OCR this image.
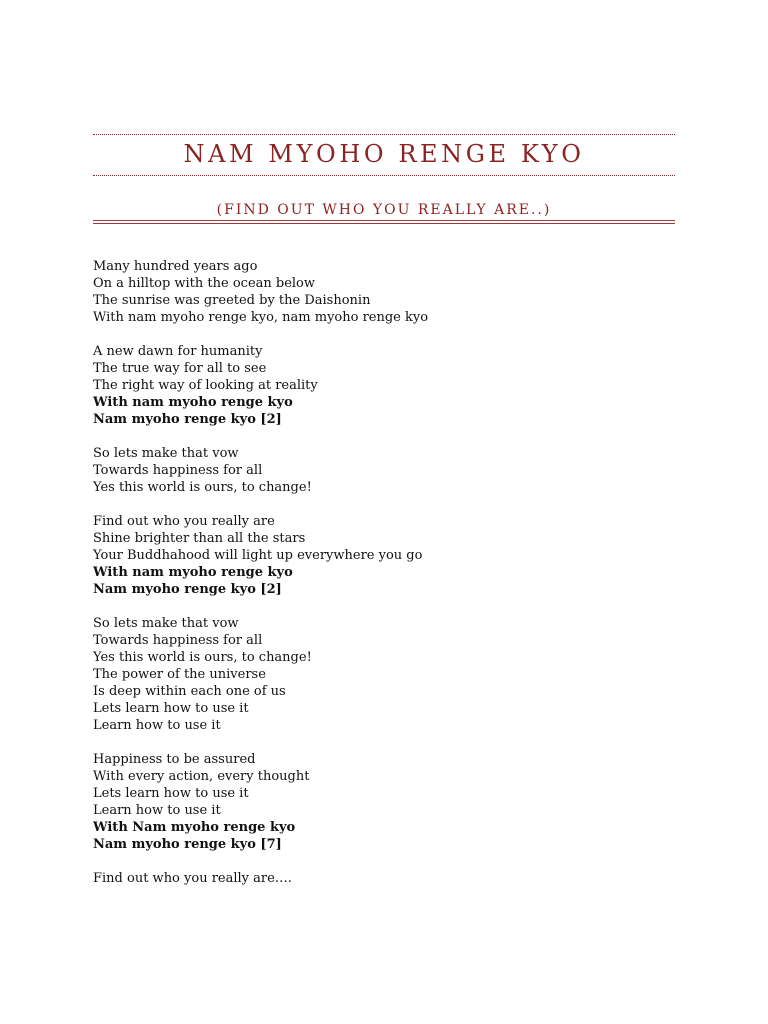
NAM MYOHO RENGE KYO
(FIND OUT WHO YOU REALLY ARE..)
Many hundred years ago
On a hilltop with the ocean below
The sunrise was greeted by the Daishonin
With nam myoho renge kyo, nam myoho renge kyo
A new dawn for humanity
The true way for all to see
The right way of looking at reality
With nam myoho renge kyo
Nam myoho renge kyo [2]
So lets make that vow
Towards happiness for all
Yes this world is ours, to change!
Find out who you really are
Shine brighter than all the stars
Your Buddhahood will light up everywhere you go
With nam myoho renge kyo
Nam myoho renge kyo [2]
So lets make that vow
Towards happiness for all
Yes this world is ours, to change!
The power of the universe
Is deep within each one of us
Lets learn how to use it
Learn how to use it
Happiness to be assured
With every action, every thought
Lets learn how to use it
Learn how to use it
With Nam myoho renge kyo
Nam myoho renge kyo [7]
Find out who you really are….
